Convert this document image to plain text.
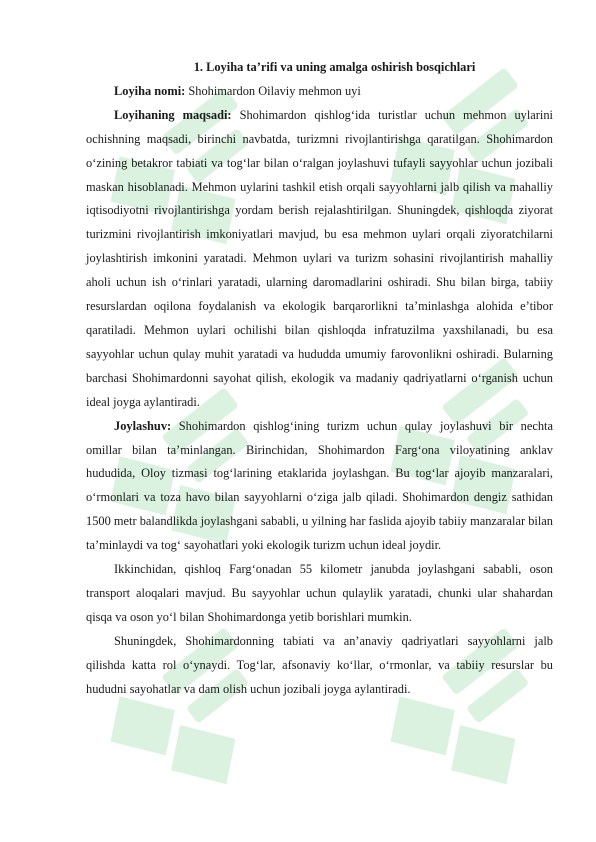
1. Loyiha ta’rifi va uning amalga oshirish bosqichlari

Loyiha nomi: Shohimardon Oilaviy mehmon uyi

Loyihaning maqsadi: Shohimardon qishlog‘ida turistlar uchun mehmon uylarini ochishning maqsadi, birinchi navbatda, turizmni rivojlantirishga qaratilgan. Shohimardon o‘zining betakror tabiati va tog‘lar bilan o‘ralgan joylashuvi tufayli sayyohlar uchun jozibali maskan hisoblanadi. Mehmon uylarini tashkil etish orqali sayyohlarni jalb qilish va mahalliy iqtisodiyotni rivojlantirishga yordam berish rejalashtirilgan. Shuningdek, qishloqda ziyorat turizmini rivojlantirish imkoniyatlari mavjud, bu esa mehmon uylari orqali ziyoratchilarni joylashtirish imkonini yaratadi. Mehmon uylari va turizm sohasini rivojlantirish mahalliy aholi uchun ish o‘rinlari yaratadi, ularning daromadlarini oshiradi. Shu bilan birga, tabiiy resurslardan oqilona foydalanish va ekologik barqarorlikni ta’minlashga alohida e’tibor qaratiladi. Mehmon uylari ochilishi bilan qishloqda infratuzilma yaxshilanadi, bu esa sayyohlar uchun qulay muhit yaratadi va hududda umumiy farovonlikni oshiradi. Bularning barchasi Shohimardonni sayohat qilish, ekologik va madaniy qadriyatlarni o‘rganish uchun ideal joyga aylantiradi.

Joylashuv: Shohimardon qishlog‘ining turizm uchun qulay joylashuvi bir nechta omillar bilan ta’minlangan. Birinchidan, Shohimardon Farg‘ona viloyatining anklav hududida, Oloy tizmasi tog‘larining etaklarida joylashgan. Bu tog‘lar ajoyib manzaralari, o‘rmonlari va toza havo bilan sayyohlarni o‘ziga jalb qiladi. Shohimardon dengiz sathidan 1500 metr balandlikda joylashgani sababli, u yilning har faslida ajoyib tabiiy manzaralar bilan ta’minlaydi va tog‘ sayohatlari yoki ekologik turizm uchun ideal joydir.

Ikkinchidan, qishloq Farg‘onadan 55 kilometr janubda joylashgani sababli, oson transport aloqalari mavjud. Bu sayyohlar uchun qulaylik yaratadi, chunki ular shahardan qisqa va oson yo‘l bilan Shohimardonga yetib borishlari mumkin.

Shuningdek, Shohimardonning tabiati va an’anaviy qadriyatlari sayyohlarni jalb qilishda katta rol o‘ynaydi. Tog‘lar, afsonaviy ko‘llar, o‘rmonlar, va tabiiy resurslar bu hududni sayohatlar va dam olish uchun jozibali joyga aylantiradi.
